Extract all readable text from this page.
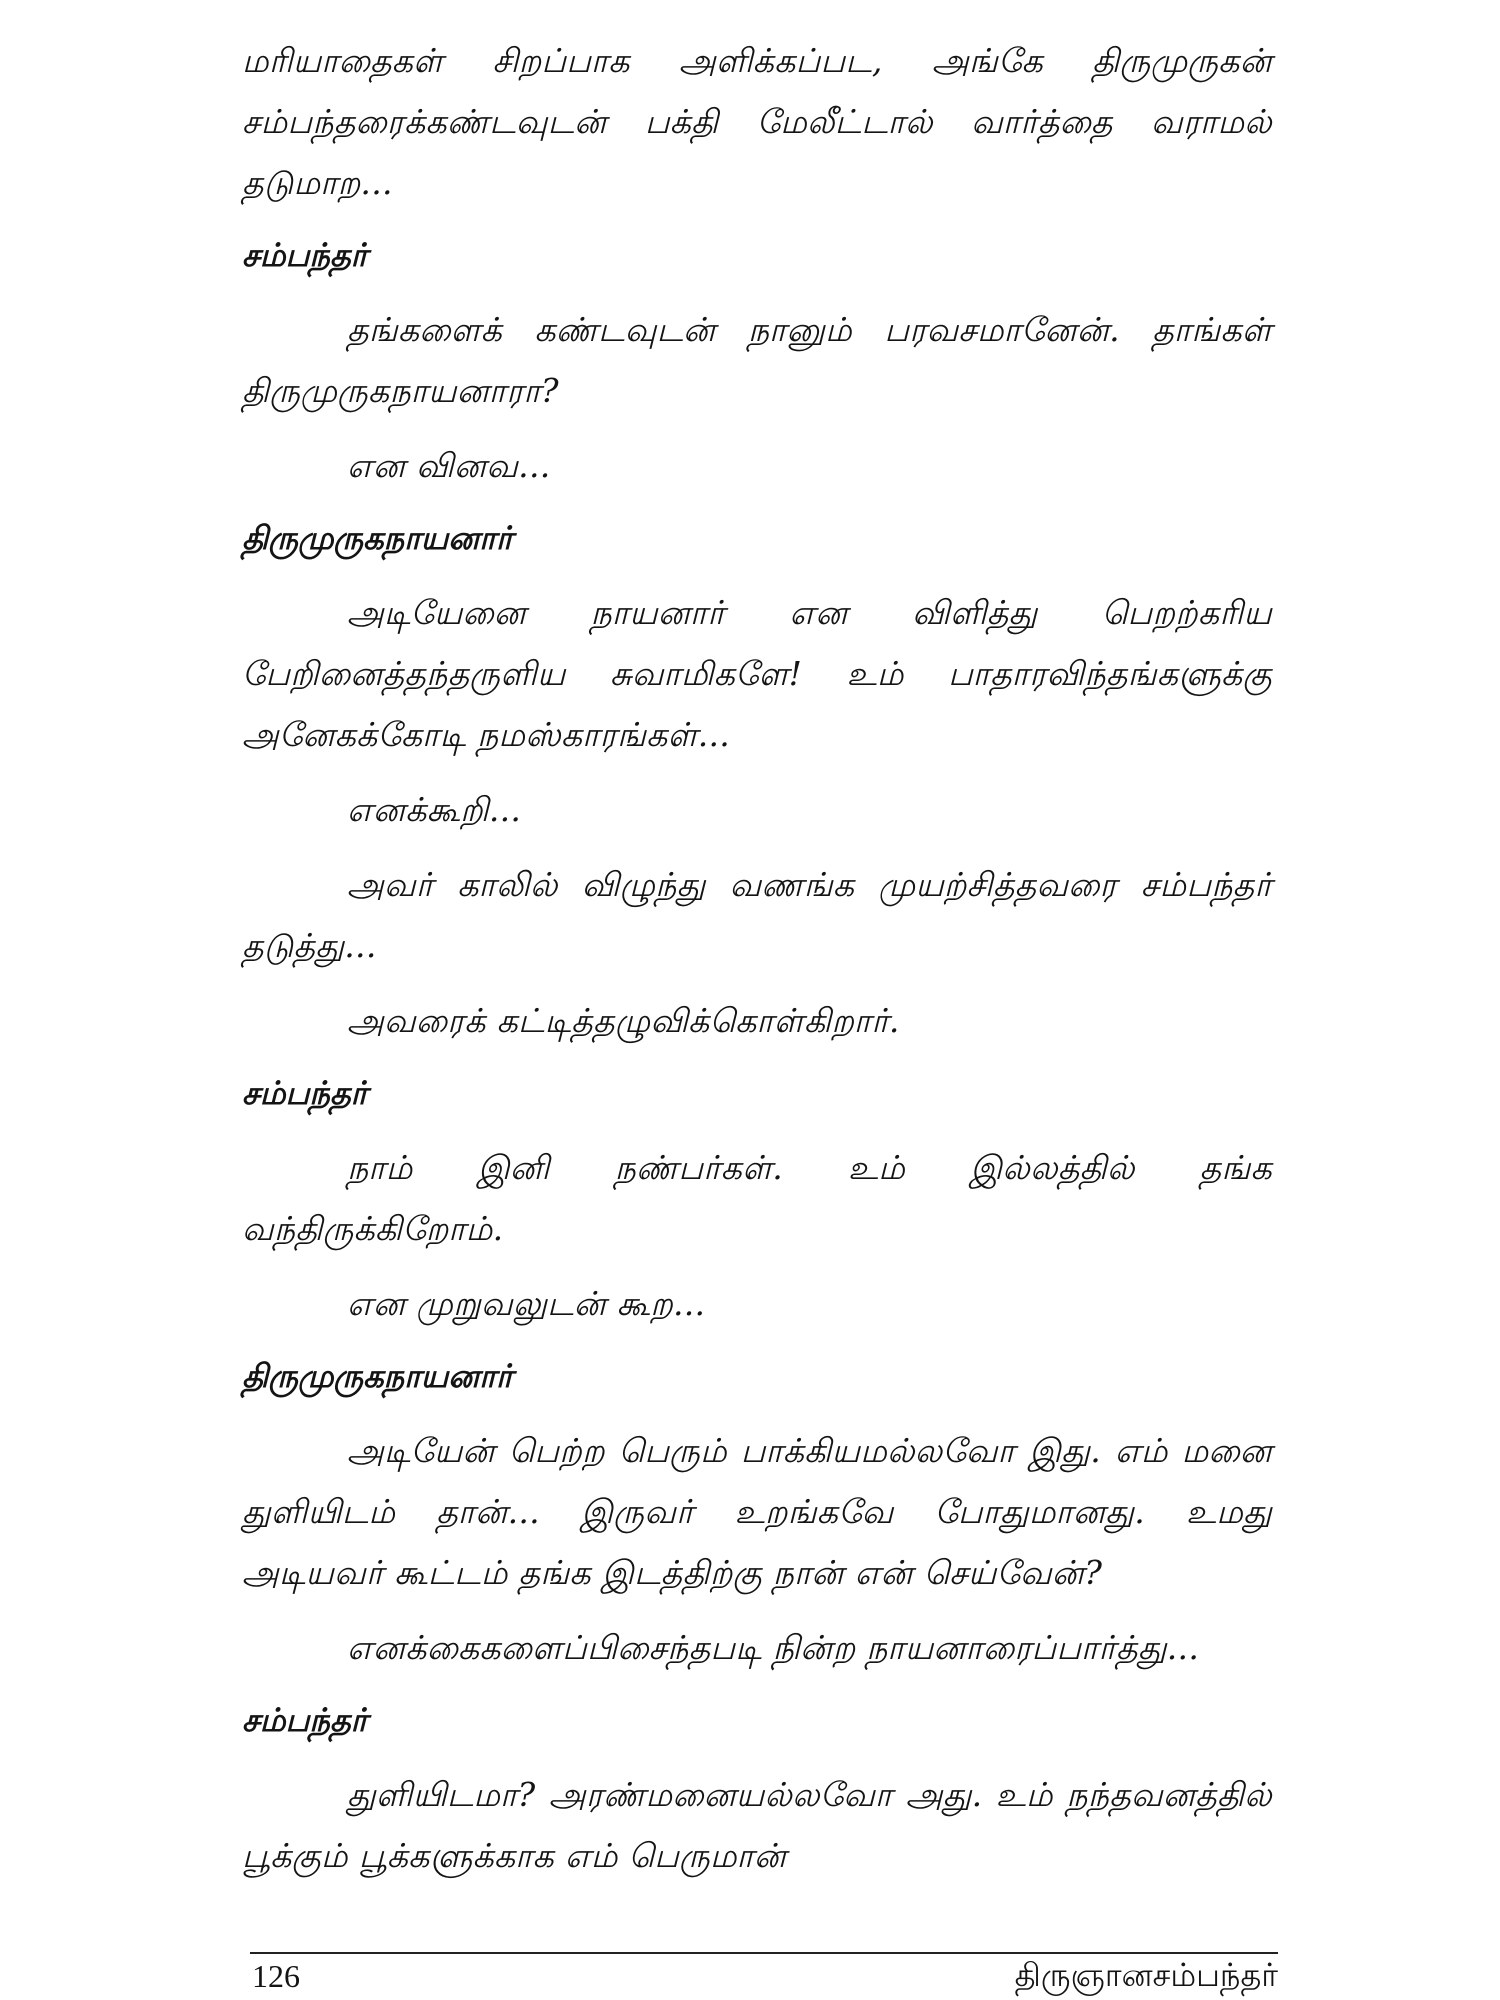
மரியாதைகள் சிறப்பாக அளிக்கப்பட, அங்கே திருமுருகன் சம்பந்தரைக்கண்டவுடன் பக்தி மேலீட்டால் வார்த்தை வராமல் தடுமாற...
சம்பந்தர்
தங்களைக் கண்டவுடன் நானும் பரவசமானேன். தாங்கள் திருமுருகநாயனாரா?
என வினவ...
திருமுருகநாயனார்
அடியேனை நாயனார் என விளித்து பெறற்கரிய பேறினைத்தந்தருளிய சுவாமிகளே! உம் பாதாரவிந்தங்களுக்கு அனேகக்கோடி நமஸ்காரங்கள்...
எனக்கூறி...
அவர் காலில் விழுந்து வணங்க முயற்சித்தவரை சம்பந்தர் தடுத்து...
அவரைக் கட்டித்தழுவிக்கொள்கிறார்.
சம்பந்தர்
நாம் இனி நண்பர்கள். உம் இல்லத்தில் தங்க வந்திருக்கிறோம்.
என முறுவலுடன் கூற...
திருமுருகநாயனார்
அடியேன் பெற்ற பெரும் பாக்கியமல்லவோ இது. எம் மனை துளியிடம் தான்... இருவர் உறங்கவே போதுமானது. உமது அடியவர் கூட்டம் தங்க இடத்திற்கு நான் என் செய்வேன்?
எனக்கைகளைப்பிசைந்தபடி நின்ற நாயனாரைப்பார்த்து...
சம்பந்தர்
துளியிடமா? அரண்மனையல்லவோ அது. உம் நந்தவனத்தில் பூக்கும் பூக்களுக்காக எம் பெருமான்
126	திருஞானசம்பந்தர்
